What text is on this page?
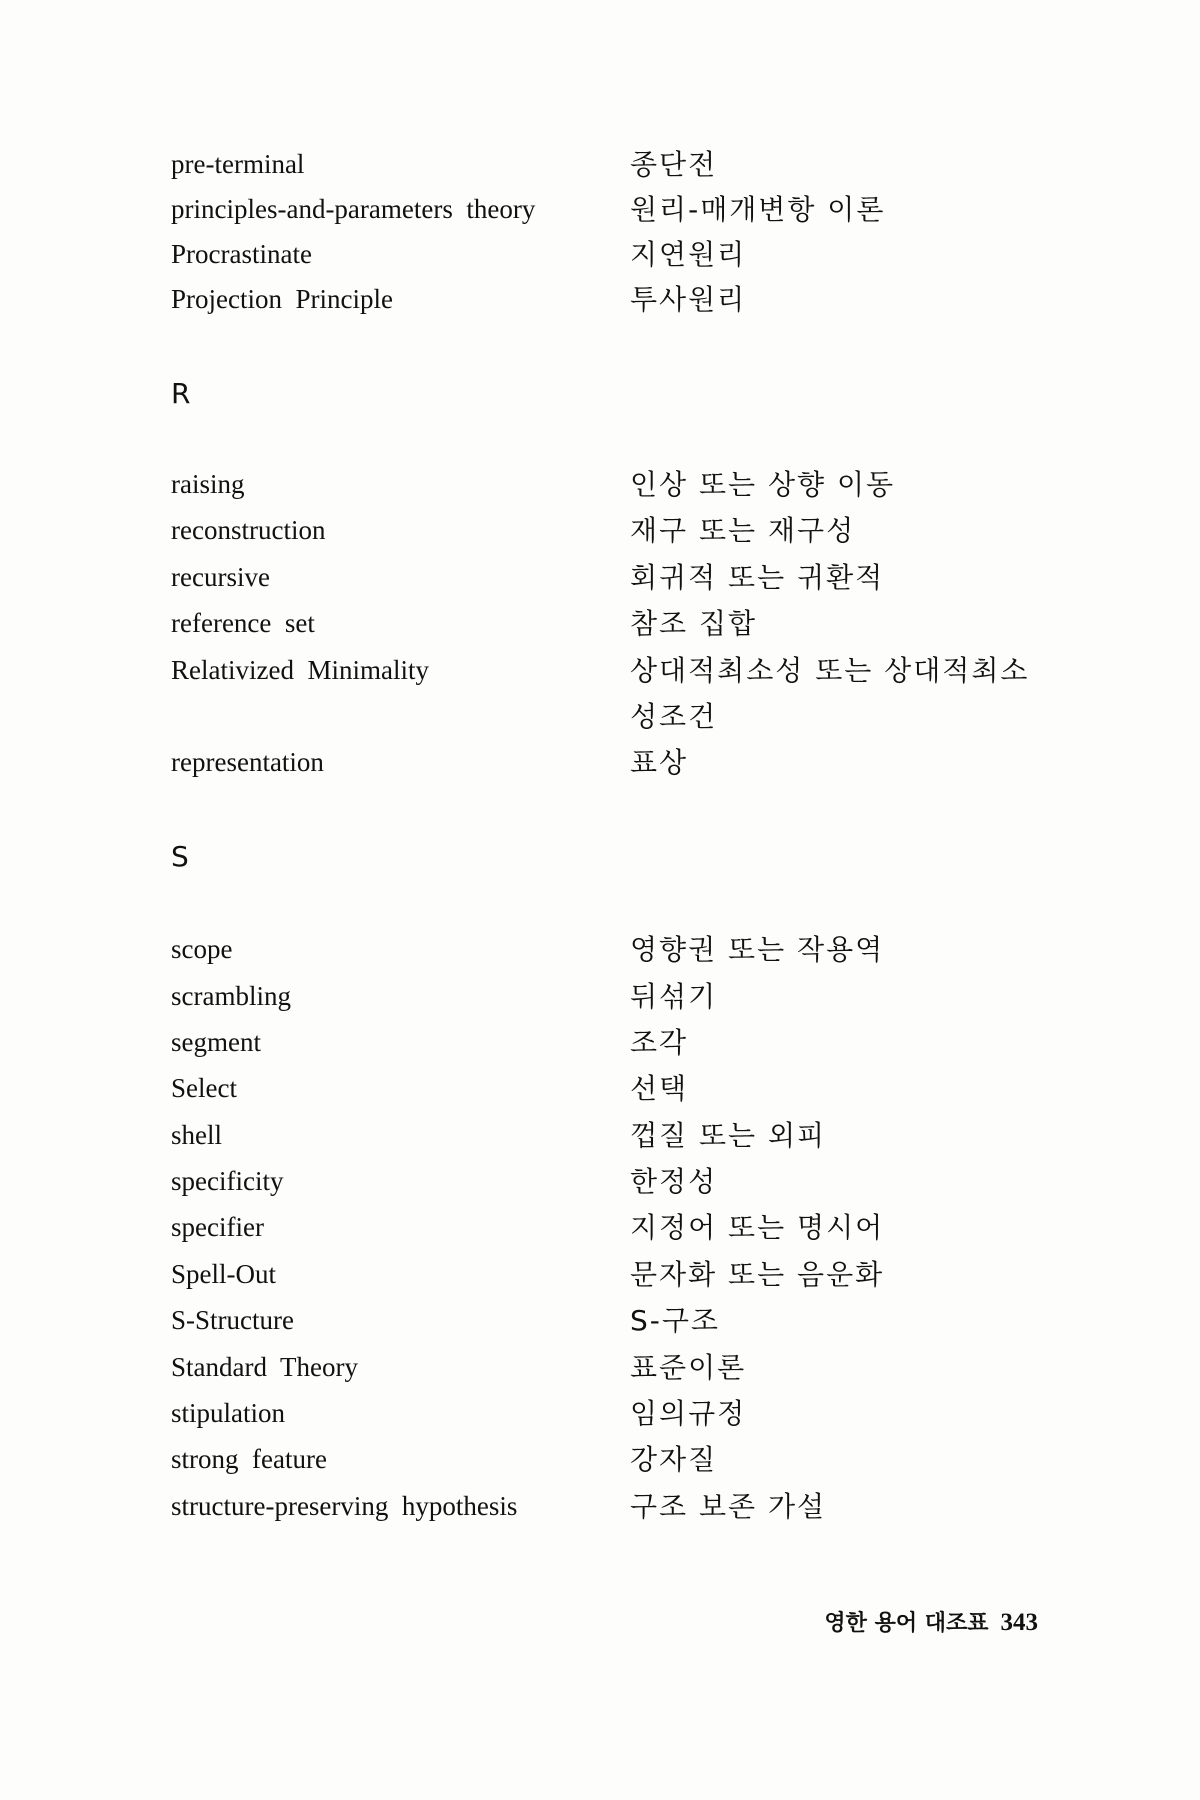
pre-terminal	종단전
principles-and-parameters  theory	원리-매개변항 이론
Procrastinate	지연원리
Projection  Principle	투사원리
R
raising	인상 또는 상향 이동
reconstruction	재구 또는 재구성
recursive	회귀적 또는 귀환적
reference  set	참조 집합
Relativized  Minimality	상대적최소성 또는 상대적최소
성조건
representation	표상
S
scope	영향권 또는 작용역
scrambling	뒤섞기
segment	조각
Select	선택
shell	껍질 또는 외피
specificity	한정성
specifier	지정어 또는 명시어
Spell-Out	문자화 또는 음운화
S-Structure	S-구조
Standard  Theory	표준이론
stipulation	임의규정
strong  feature	강자질
structure-preserving  hypothesis	구조 보존 가설
영한 용어 대조표 343
